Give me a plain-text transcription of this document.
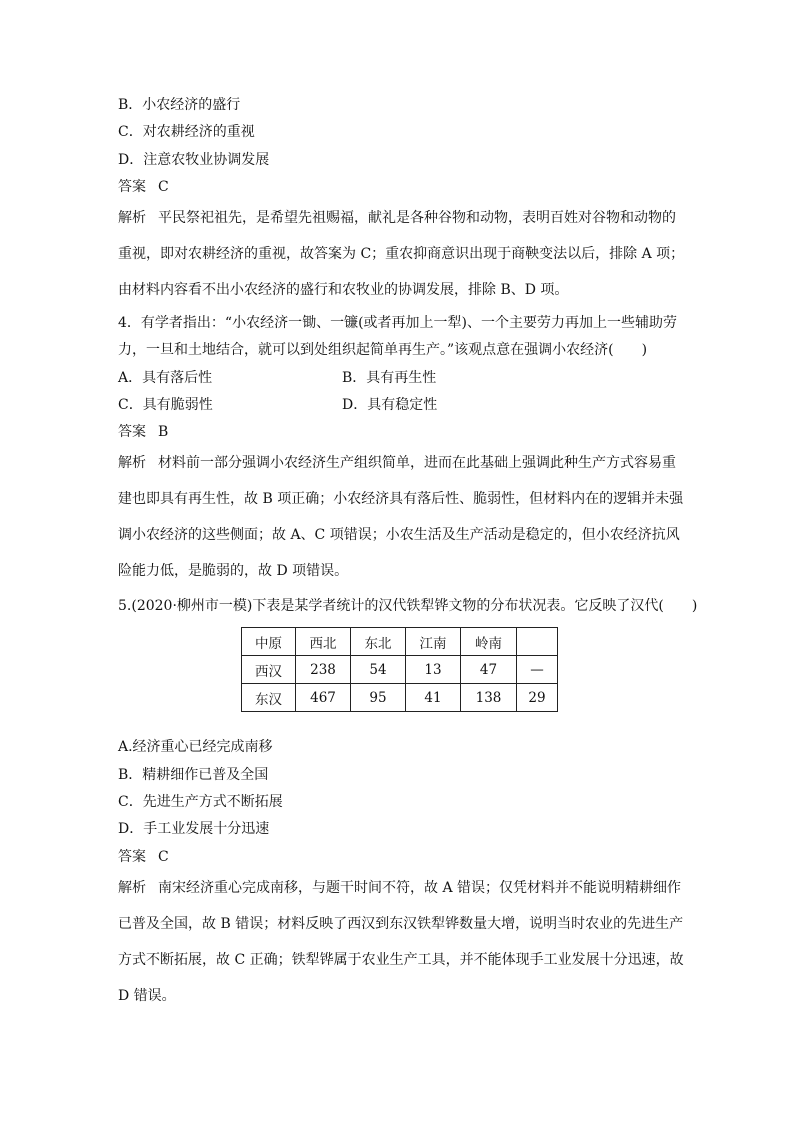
B．小农经济的盛行
C．对农耕经济的重视
D．注意农牧业协调发展
答案 C
解析 平民祭祀祖先，是希望先祖赐福，献礼是各种谷物和动物，表明百姓对谷物和动物的
重视，即对农耕经济的重视，故答案为 C；重农抑商意识出现于商鞅变法以后，排除 A 项；
由材料内容看不出小农经济的盛行和农牧业的协调发展，排除 B、D 项。
4．有学者指出：“小农经济一锄、一镰(或者再加上一犁)、一个主要劳力再加上一些辅助劳
力，一旦和土地结合，就可以到处组织起简单再生产。”该观点意在强调小农经济(　　)
A．具有落后性	B．具有再生性
C．具有脆弱性	D．具有稳定性
答案 B
解析 材料前一部分强调小农经济生产组织简单，进而在此基础上强调此种生产方式容易重
建也即具有再生性，故 B 项正确；小农经济具有落后性、脆弱性，但材料内在的逻辑并未强
调小农经济的这些侧面；故 A、C 项错误；小农生活及生产活动是稳定的，但小农经济抗风
险能力低，是脆弱的，故 D 项错误。
5.(2020·柳州市一模)下表是某学者统计的汉代铁犁铧文物的分布状况表。它反映了汉代(　　)
中原	西北	东北	江南	岭南	
西汉	238	54	13	47	—
东汉	467	95	41	138	29
A.经济重心已经完成南移
B．精耕细作已普及全国
C．先进生产方式不断拓展
D．手工业发展十分迅速
答案 C
解析 南宋经济重心完成南移，与题干时间不符，故 A 错误；仅凭材料并不能说明精耕细作
已普及全国，故 B 错误；材料反映了西汉到东汉铁犁铧数量大增，说明当时农业的先进生产
方式不断拓展，故 C 正确；铁犁铧属于农业生产工具，并不能体现手工业发展十分迅速，故
D 错误。
